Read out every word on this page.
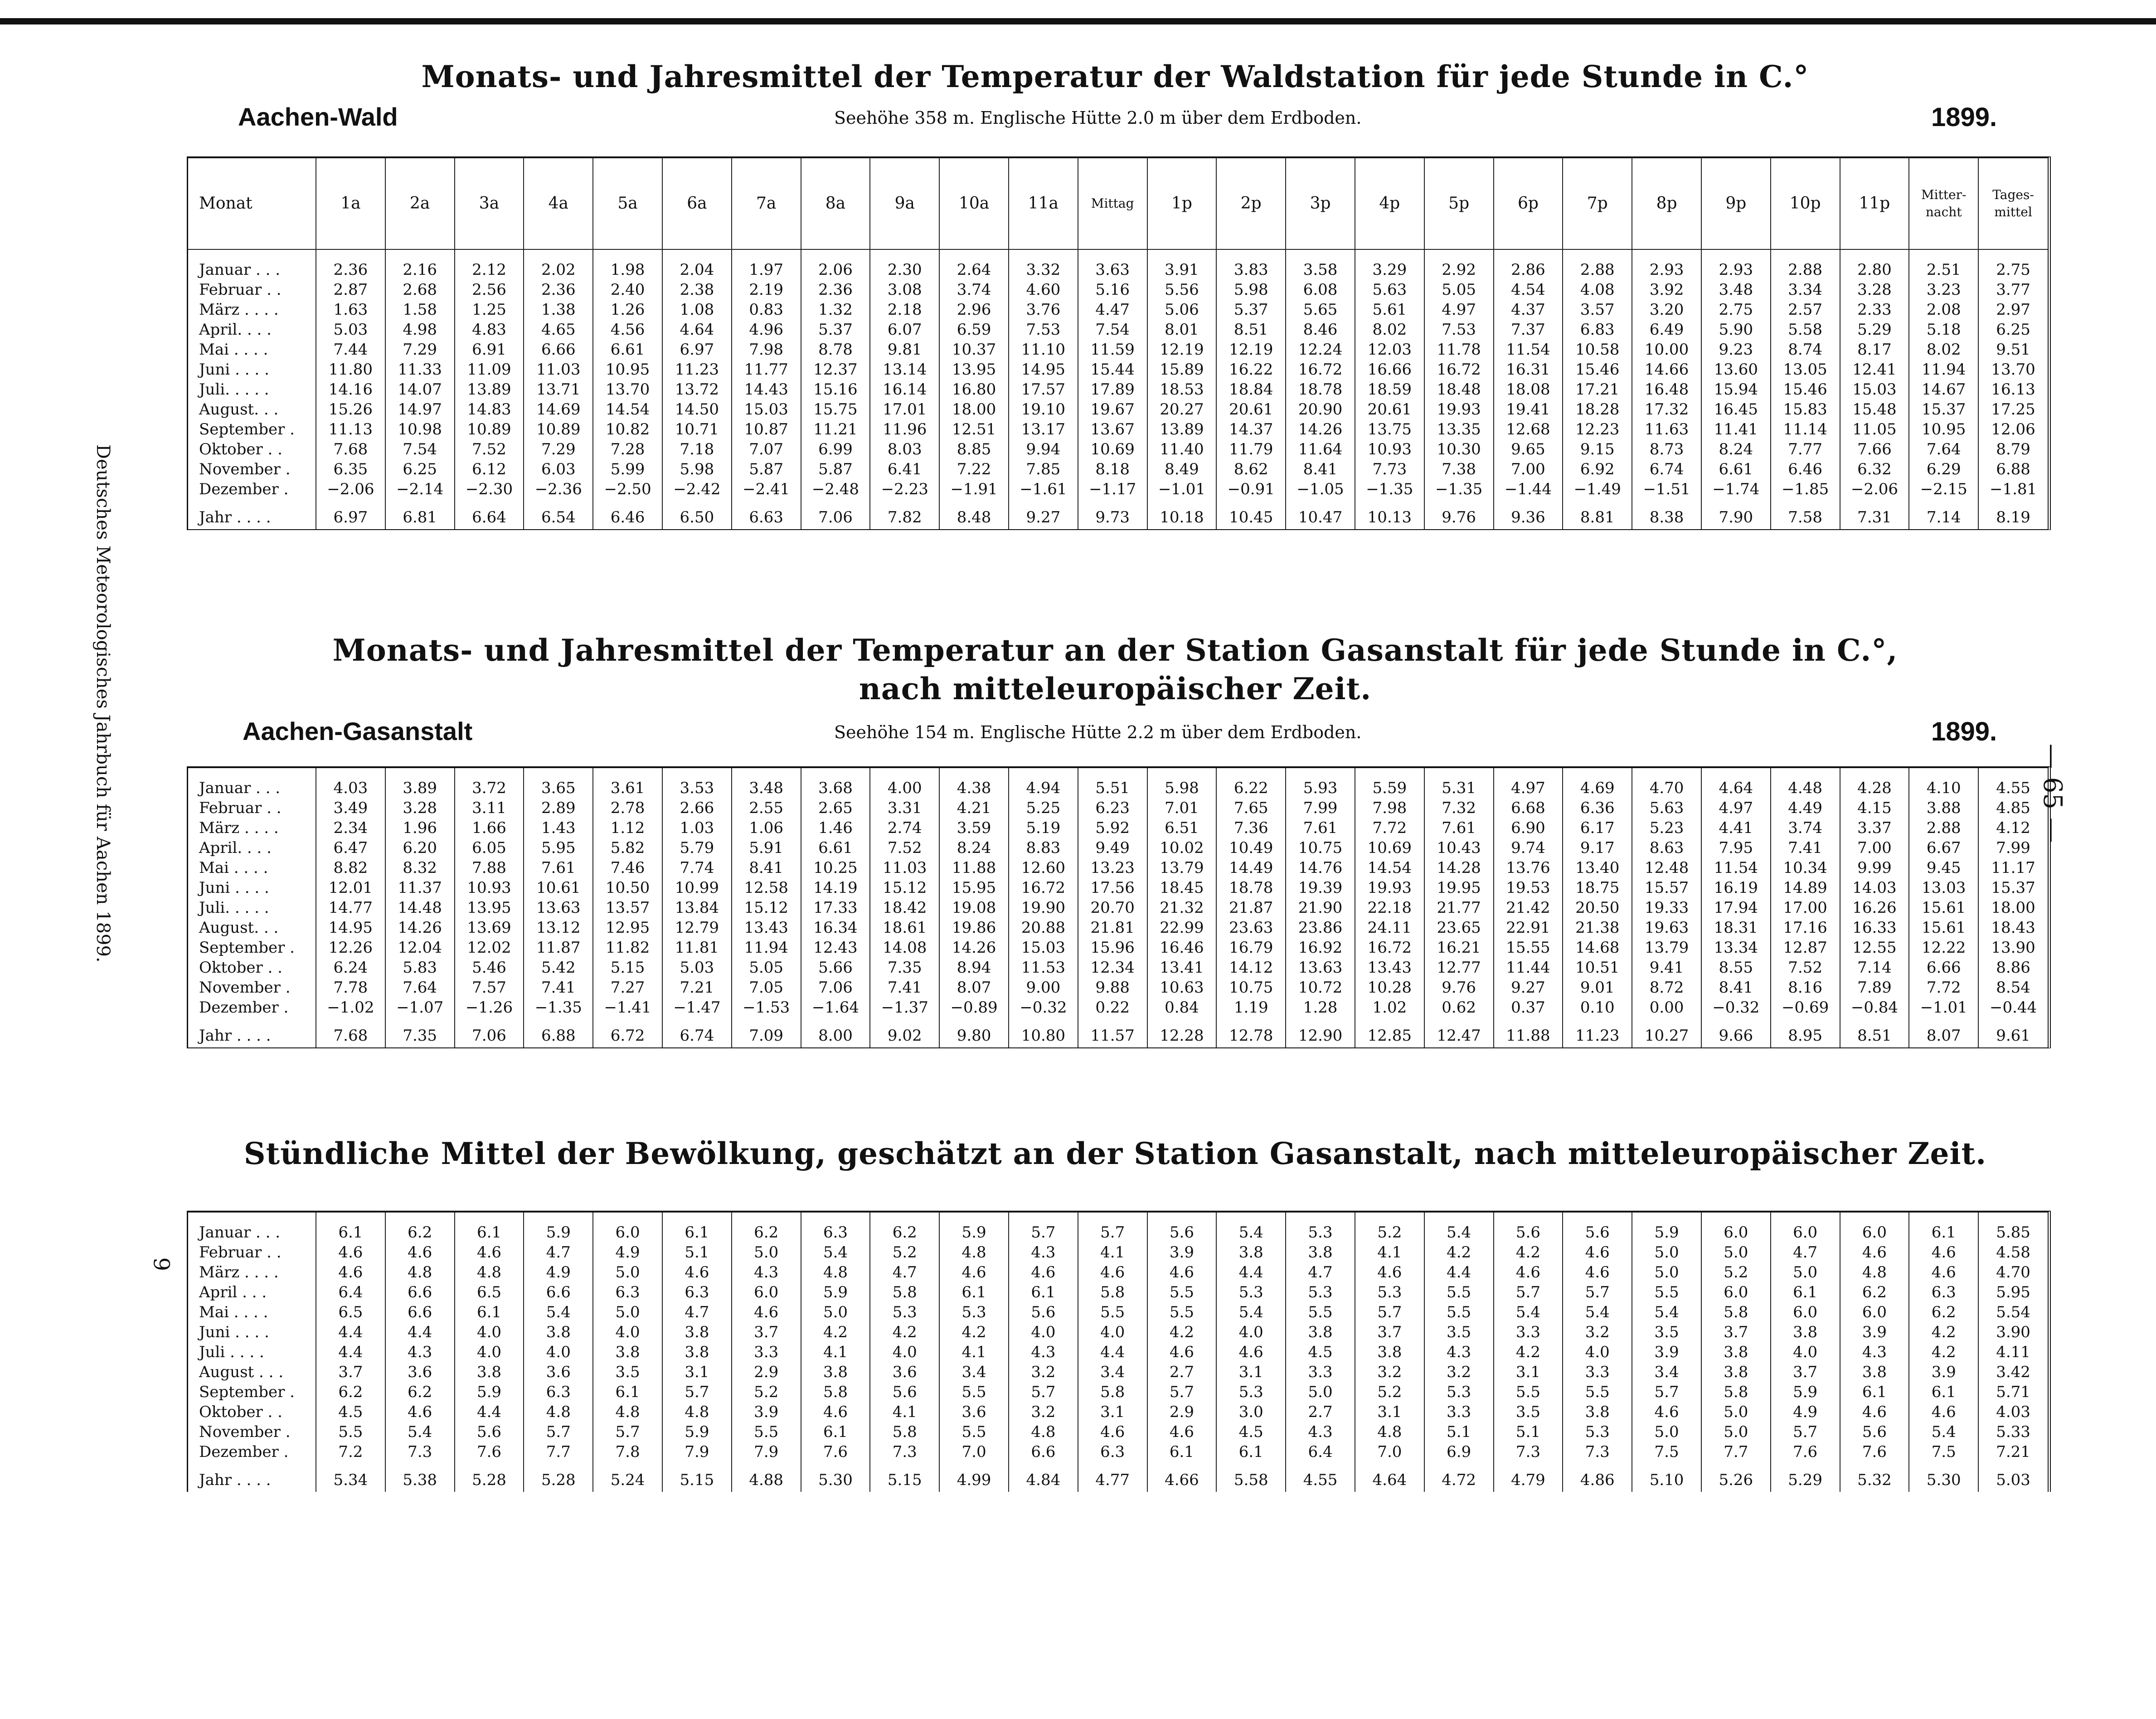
Deutsches Meteorologisches Jahrbuch für Aachen 1899.
9
— 65 —
Monats- und Jahresmittel der Temperatur der Waldstation für jede Stunde in C.°
Aachen-Wald	Seehöhe 358 m. Englische Hütte 2.0 m über dem Erdboden.	1899.
Monat	1a	2a	3a	4a	5a	6a	7a	8a	9a	10a	11a	Mittag	1p	2p	3p	4p	5p	6p	7p	8p	9p	10p	11p	Mitter-nacht	Tages-mittel

Januar . . .	2.36	2.16	2.12	2.02	1.98	2.04	1.97	2.06	2.30	2.64	3.32	3.63	3.91	3.83	3.58	3.29	2.92	2.86	2.88	2.93	2.93	2.88	2.80	2.51	2.75
Februar . .	2.87	2.68	2.56	2.36	2.40	2.38	2.19	2.36	3.08	3.74	4.60	5.16	5.56	5.98	6.08	5.63	5.05	4.54	4.08	3.92	3.48	3.34	3.28	3.23	3.77
März . . . .	1.63	1.58	1.25	1.38	1.26	1.08	0.83	1.32	2.18	2.96	3.76	4.47	5.06	5.37	5.65	5.61	4.97	4.37	3.57	3.20	2.75	2.57	2.33	2.08	2.97
April. . . .	5.03	4.98	4.83	4.65	4.56	4.64	4.96	5.37	6.07	6.59	7.53	7.54	8.01	8.51	8.46	8.02	7.53	7.37	6.83	6.49	5.90	5.58	5.29	5.18	6.25
Mai . . . .	7.44	7.29	6.91	6.66	6.61	6.97	7.98	8.78	9.81	10.37	11.10	11.59	12.19	12.19	12.24	12.03	11.78	11.54	10.58	10.00	9.23	8.74	8.17	8.02	9.51
Juni . . . .	11.80	11.33	11.09	11.03	10.95	11.23	11.77	12.37	13.14	13.95	14.95	15.44	15.89	16.22	16.72	16.66	16.72	16.31	15.46	14.66	13.60	13.05	12.41	11.94	13.70
Juli. . . . .	14.16	14.07	13.89	13.71	13.70	13.72	14.43	15.16	16.14	16.80	17.57	17.89	18.53	18.84	18.78	18.59	18.48	18.08	17.21	16.48	15.94	15.46	15.03	14.67	16.13
August. . .	15.26	14.97	14.83	14.69	14.54	14.50	15.03	15.75	17.01	18.00	19.10	19.67	20.27	20.61	20.90	20.61	19.93	19.41	18.28	17.32	16.45	15.83	15.48	15.37	17.25
September .	11.13	10.98	10.89	10.89	10.82	10.71	10.87	11.21	11.96	12.51	13.17	13.67	13.89	14.37	14.26	13.75	13.35	12.68	12.23	11.63	11.41	11.14	11.05	10.95	12.06
Oktober . .	7.68	7.54	7.52	7.29	7.28	7.18	7.07	6.99	8.03	8.85	9.94	10.69	11.40	11.79	11.64	10.93	10.30	9.65	9.15	8.73	8.24	7.77	7.66	7.64	8.79
November .	6.35	6.25	6.12	6.03	5.99	5.98	5.87	5.87	6.41	7.22	7.85	8.18	8.49	8.62	8.41	7.73	7.38	7.00	6.92	6.74	6.61	6.46	6.32	6.29	6.88
Dezember .	−2.06	−2.14	−2.30	−2.36	−2.50	−2.42	−2.41	−2.48	−2.23	−1.91	−1.61	−1.17	−1.01	−0.91	−1.05	−1.35	−1.35	−1.44	−1.49	−1.51	−1.74	−1.85	−2.06	−2.15	−1.81
Jahr . . . .	6.97	6.81	6.64	6.54	6.46	6.50	6.63	7.06	7.82	8.48	9.27	9.73	10.18	10.45	10.47	10.13	9.76	9.36	8.81	8.38	7.90	7.58	7.31	7.14	8.19
Monats- und Jahresmittel der Temperatur an der Station Gasanstalt für jede Stunde in C.°,
nach mitteleuropäischer Zeit.
Aachen-Gasanstalt	Seehöhe 154 m. Englische Hütte 2.2 m über dem Erdboden.	1899.

Januar . . .	4.03	3.89	3.72	3.65	3.61	3.53	3.48	3.68	4.00	4.38	4.94	5.51	5.98	6.22	5.93	5.59	5.31	4.97	4.69	4.70	4.64	4.48	4.28	4.10	4.55
Februar . .	3.49	3.28	3.11	2.89	2.78	2.66	2.55	2.65	3.31	4.21	5.25	6.23	7.01	7.65	7.99	7.98	7.32	6.68	6.36	5.63	4.97	4.49	4.15	3.88	4.85
März . . . .	2.34	1.96	1.66	1.43	1.12	1.03	1.06	1.46	2.74	3.59	5.19	5.92	6.51	7.36	7.61	7.72	7.61	6.90	6.17	5.23	4.41	3.74	3.37	2.88	4.12
April. . . .	6.47	6.20	6.05	5.95	5.82	5.79	5.91	6.61	7.52	8.24	8.83	9.49	10.02	10.49	10.75	10.69	10.43	9.74	9.17	8.63	7.95	7.41	7.00	6.67	7.99
Mai . . . .	8.82	8.32	7.88	7.61	7.46	7.74	8.41	10.25	11.03	11.88	12.60	13.23	13.79	14.49	14.76	14.54	14.28	13.76	13.40	12.48	11.54	10.34	9.99	9.45	11.17
Juni . . . .	12.01	11.37	10.93	10.61	10.50	10.99	12.58	14.19	15.12	15.95	16.72	17.56	18.45	18.78	19.39	19.93	19.95	19.53	18.75	15.57	16.19	14.89	14.03	13.03	15.37
Juli. . . . .	14.77	14.48	13.95	13.63	13.57	13.84	15.12	17.33	18.42	19.08	19.90	20.70	21.32	21.87	21.90	22.18	21.77	21.42	20.50	19.33	17.94	17.00	16.26	15.61	18.00
August. . .	14.95	14.26	13.69	13.12	12.95	12.79	13.43	16.34	18.61	19.86	20.88	21.81	22.99	23.63	23.86	24.11	23.65	22.91	21.38	19.63	18.31	17.16	16.33	15.61	18.43
September .	12.26	12.04	12.02	11.87	11.82	11.81	11.94	12.43	14.08	14.26	15.03	15.96	16.46	16.79	16.92	16.72	16.21	15.55	14.68	13.79	13.34	12.87	12.55	12.22	13.90
Oktober . .	6.24	5.83	5.46	5.42	5.15	5.03	5.05	5.66	7.35	8.94	11.53	12.34	13.41	14.12	13.63	13.43	12.77	11.44	10.51	9.41	8.55	7.52	7.14	6.66	8.86
November .	7.78	7.64	7.57	7.41	7.27	7.21	7.05	7.06	7.41	8.07	9.00	9.88	10.63	10.75	10.72	10.28	9.76	9.27	9.01	8.72	8.41	8.16	7.89	7.72	8.54
Dezember .	−1.02	−1.07	−1.26	−1.35	−1.41	−1.47	−1.53	−1.64	−1.37	−0.89	−0.32	0.22	0.84	1.19	1.28	1.02	0.62	0.37	0.10	0.00	−0.32	−0.69	−0.84	−1.01	−0.44
Jahr . . . .	7.68	7.35	7.06	6.88	6.72	6.74	7.09	8.00	9.02	9.80	10.80	11.57	12.28	12.78	12.90	12.85	12.47	11.88	11.23	10.27	9.66	8.95	8.51	8.07	9.61
Stündliche Mittel der Bewölkung, geschätzt an der Station Gasanstalt, nach mitteleuropäischer Zeit.

Januar . . .	6.1	6.2	6.1	5.9	6.0	6.1	6.2	6.3	6.2	5.9	5.7	5.7	5.6	5.4	5.3	5.2	5.4	5.6	5.6	5.9	6.0	6.0	6.0	6.1	5.85
Februar . .	4.6	4.6	4.6	4.7	4.9	5.1	5.0	5.4	5.2	4.8	4.3	4.1	3.9	3.8	3.8	4.1	4.2	4.2	4.6	5.0	5.0	4.7	4.6	4.6	4.58
März . . . .	4.6	4.8	4.8	4.9	5.0	4.6	4.3	4.8	4.7	4.6	4.6	4.6	4.6	4.4	4.7	4.6	4.4	4.6	4.6	5.0	5.2	5.0	4.8	4.6	4.70
April . . .	6.4	6.6	6.5	6.6	6.3	6.3	6.0	5.9	5.8	6.1	6.1	5.8	5.5	5.3	5.3	5.3	5.5	5.7	5.7	5.5	6.0	6.1	6.2	6.3	5.95
Mai . . . .	6.5	6.6	6.1	5.4	5.0	4.7	4.6	5.0	5.3	5.3	5.6	5.5	5.5	5.4	5.5	5.7	5.5	5.4	5.4	5.4	5.8	6.0	6.0	6.2	5.54
Juni . . . .	4.4	4.4	4.0	3.8	4.0	3.8	3.7	4.2	4.2	4.2	4.0	4.0	4.2	4.0	3.8	3.7	3.5	3.3	3.2	3.5	3.7	3.8	3.9	4.2	3.90
Juli . . . .	4.4	4.3	4.0	4.0	3.8	3.8	3.3	4.1	4.0	4.1	4.3	4.4	4.6	4.6	4.5	3.8	4.3	4.2	4.0	3.9	3.8	4.0	4.3	4.2	4.11
August . . .	3.7	3.6	3.8	3.6	3.5	3.1	2.9	3.8	3.6	3.4	3.2	3.4	2.7	3.1	3.3	3.2	3.2	3.1	3.3	3.4	3.8	3.7	3.8	3.9	3.42
September .	6.2	6.2	5.9	6.3	6.1	5.7	5.2	5.8	5.6	5.5	5.7	5.8	5.7	5.3	5.0	5.2	5.3	5.5	5.5	5.7	5.8	5.9	6.1	6.1	5.71
Oktober . .	4.5	4.6	4.4	4.8	4.8	4.8	3.9	4.6	4.1	3.6	3.2	3.1	2.9	3.0	2.7	3.1	3.3	3.5	3.8	4.6	5.0	4.9	4.6	4.6	4.03
November .	5.5	5.4	5.6	5.7	5.7	5.9	5.5	6.1	5.8	5.5	4.8	4.6	4.6	4.5	4.3	4.8	5.1	5.1	5.3	5.0	5.0	5.7	5.6	5.4	5.33
Dezember .	7.2	7.3	7.6	7.7	7.8	7.9	7.9	7.6	7.3	7.0	6.6	6.3	6.1	6.1	6.4	7.0	6.9	7.3	7.3	7.5	7.7	7.6	7.6	7.5	7.21
Jahr . . . .	5.34	5.38	5.28	5.28	5.24	5.15	4.88	5.30	5.15	4.99	4.84	4.77	4.66	5.58	4.55	4.64	4.72	4.79	4.86	5.10	5.26	5.29	5.32	5.30	5.03
